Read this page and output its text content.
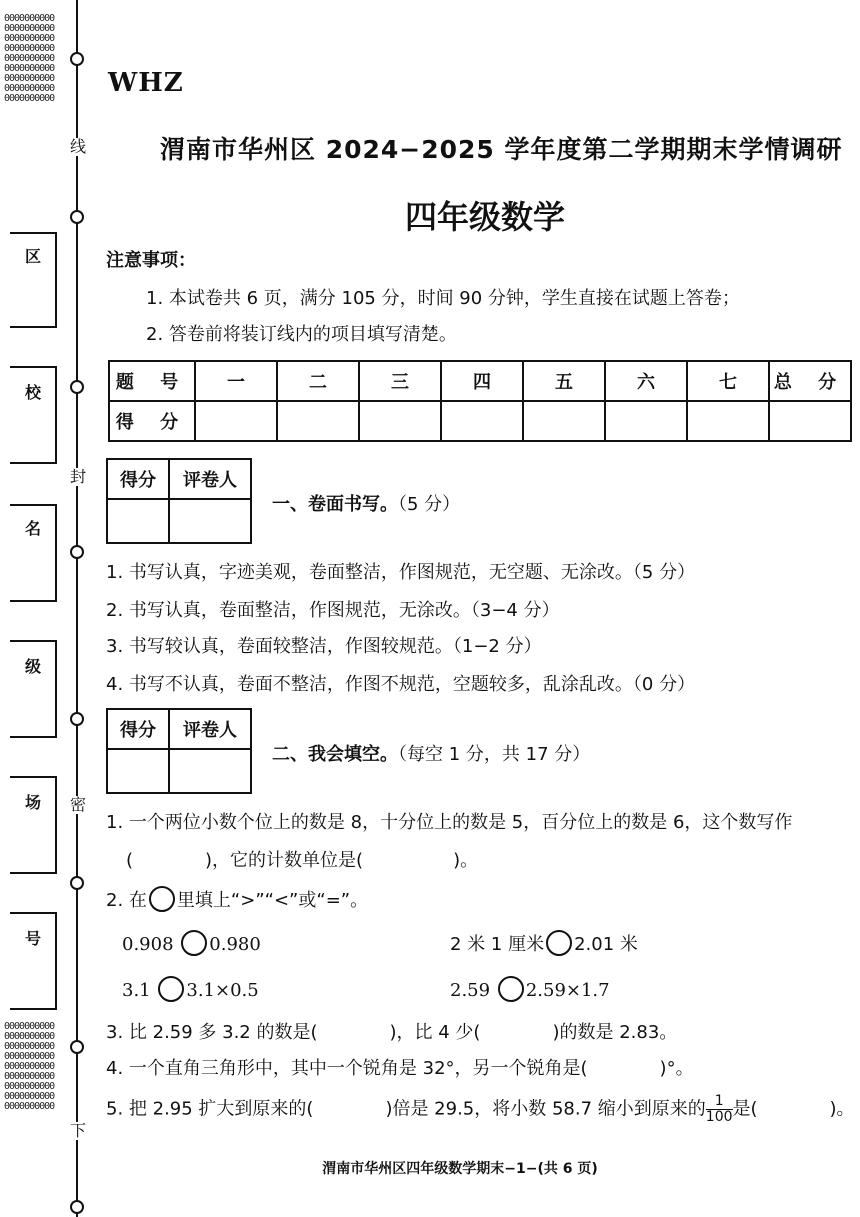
000000000000000000000000000000000000000000000000000000000000000000000000000000000000000000
000000000000000000000000000000000000000000000000000000000000000000000000000000000000000000
线
封
密
下
区
校
名
级
场
号
WHZ
渭南市华州区 2024−2025 学年度第二学期期末学情调研
四年级数学
注意事项：
1. 本试卷共 6 页，满分 105 分，时间 90 分钟，学生直接在试题上答卷；
2. 答卷前将装订线内的项目填写清楚。
题 号	一	二	三	四	五	六	七	总 分
得 分								
得分	评卷人

一、卷面书写。（5 分）
1. 书写认真，字迹美观，卷面整洁，作图规范，无空题、无涂改。（5 分）
2. 书写认真，卷面整洁，作图规范，无涂改。（3−4 分）
3. 书写较认真，卷面较整洁，作图较规范。（1−2 分）
4. 书写不认真，卷面不整洁，作图不规范，空题较多，乱涂乱改。（0 分）
得分	评卷人

二、我会填空。（每空 1 分，共 17 分）
1. 一个两位小数个位上的数是 8，十分位上的数是 5，百分位上的数是 6，这个数写作
(　　　　)，它的计数单位是(　　　　　)。
2. 在 里填上“>”“<”或“=”。
0.908 0.980	2 米 1 厘米 2.01 米
3.1 3.1×0.5	2.59 2.59×1.7
3. 比 2.59 多 3.2 的数是(　　　　)，比 4 少(　　　　)的数是 2.83。
4. 一个直角三角形中，其中一个锐角是 32°，另一个锐角是(　　　　)°。
5. 把 2.95 扩大到原来的(　　　　)倍是 29.5，将小数 58.7 缩小到原来的 $\frac{1}{100}$ 是(　　　　)。
渭南市华州区四年级数学期末−1−(共 6 页)
